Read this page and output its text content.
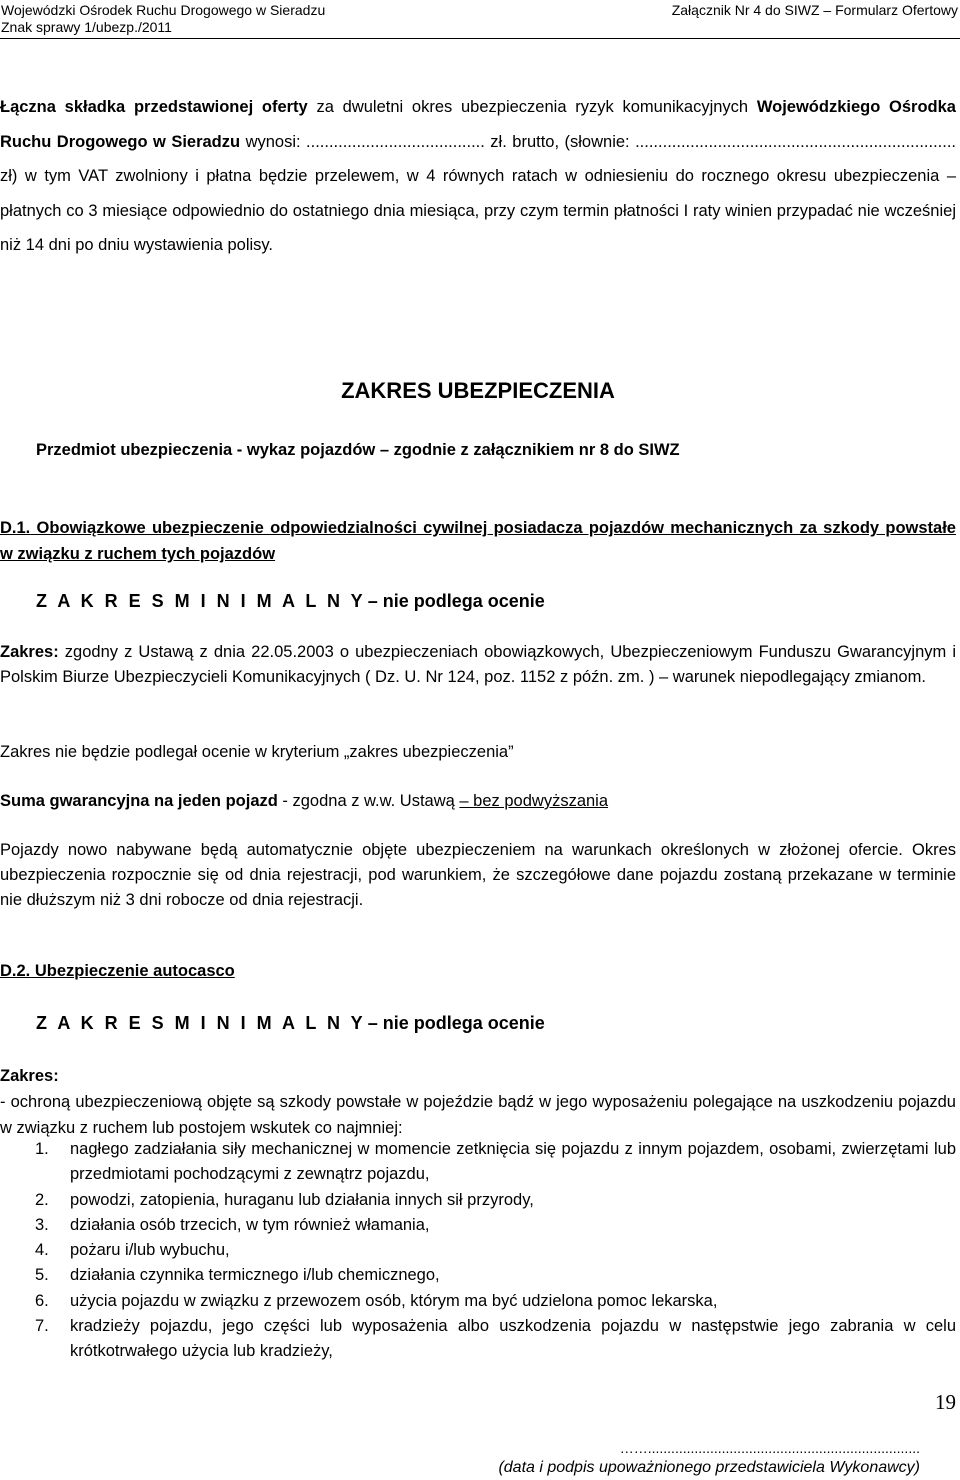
Wojewódzki Ośrodek Ruchu Drogowego w Sieradzu
Znak sprawy 1/ubezp./2011
Załącznik Nr 4 do SIWZ – Formularz Ofertowy
Łączna składka przedstawionej oferty za dwuletni okres ubezpieczenia ryzyk komunikacyjnych Wojewódzkiego Ośrodka Ruchu Drogowego w Sieradzu wynosi: ....................................... zł. brutto, (słownie: ...................................................................... zł) w tym VAT zwolniony i płatna będzie przelewem, w 4 równych ratach w odniesieniu do rocznego okresu ubezpieczenia – płatnych co 3 miesiące odpowiednio do ostatniego dnia miesiąca, przy czym termin płatności I raty winien przypadać nie wcześniej niż 14 dni po dniu wystawienia polisy.
ZAKRES UBEZPIECZENIA
Przedmiot ubezpieczenia - wykaz pojazdów – zgodnie z załącznikiem nr 8 do SIWZ
D.1. Obowiązkowe ubezpieczenie odpowiedzialności cywilnej posiadacza pojazdów mechanicznych za szkody powstałe w związku z ruchem tych pojazdów
Z A K R E S M I N I M A L N Y – nie podlega ocenie
Zakres: zgodny z Ustawą z dnia 22.05.2003 o ubezpieczeniach obowiązkowych, Ubezpieczeniowym Funduszu Gwarancyjnym i Polskim Biurze Ubezpieczycieli Komunikacyjnych ( Dz. U. Nr 124, poz. 1152 z późn. zm. ) – warunek niepodlegający zmianom.
Zakres nie będzie podlegał ocenie w kryterium „zakres ubezpieczenia”
Suma gwarancyjna na jeden pojazd - zgodna z w.w. Ustawą – bez podwyższania
Pojazdy nowo nabywane będą automatycznie objęte ubezpieczeniem na warunkach określonych w złożonej ofercie. Okres ubezpieczenia rozpocznie się od dnia rejestracji, pod warunkiem, że szczegółowe dane pojazdu zostaną przekazane w terminie nie dłuższym niż 3 dni robocze od dnia rejestracji.
D.2. Ubezpieczenie autocasco
Z A K R E S M I N I M A L N Y – nie podlega ocenie
Zakres:
- ochroną ubezpieczeniową objęte są szkody powstałe w pojeździe bądź w jego wyposażeniu polegające na uszkodzeniu pojazdu w związku z ruchem lub postojem wskutek co najmniej:
1. nagłego zadziałania siły mechanicznej w momencie zetknięcia się pojazdu z innym pojazdem, osobami, zwierzętami lub przedmiotami pochodzącymi z zewnątrz pojazdu,
2. powodzi, zatopienia, huraganu lub działania innych sił przyrody,
3. działania osób trzecich, w tym również włamania,
4. pożaru i/lub wybuchu,
5. działania czynnika termicznego i/lub chemicznego,
6. użycia pojazdu w związku z przewozem osób, którym ma być udzielona pomoc lekarska,
7. kradzieży pojazdu, jego części lub wyposażenia albo uszkodzenia pojazdu w następstwie jego zabrania w celu krótkotrwałego użycia lub kradzieży,
19
……......................................................................
(data i podpis upoważnionego przedstawiciela Wykonawcy)
